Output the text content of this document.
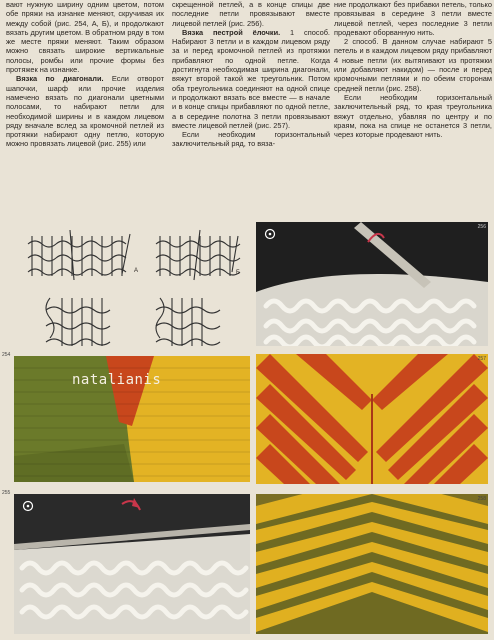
вают нужную ширину одним цветом, потом обе пряжи на изнанке меняют, скручивая их между собой (рис. 254, А, Б), и продолжают вязать другим цветом. В обратном ряду в том же месте пряжи меняют. Таким образом можно связать широкие вертикальные полосы, ромбы или прочие формы без протяжек на изнанке.

Вязка по диагонали. Если отворот шапочки, шарф или прочие изделия намечено вязать по диагонали цветными полосами, то набирают петли для необходимой ширины и в каждом лицевом ряду вначале вслед за кромочной петлей из протяжки набирают одну петлю, которую можно провязать лицевой (рис. 255) или

скрещенной петлей, а в конце спицы две последние петли провязывают вместе лицевой петлей (рис. 256).

Вязка пестрой ёлочки. 1 способ. Набирают 3 петли и в каждом лицевом ряду за и перед кромочной петлей из протяжки прибавляют по одной петле. Когда достигнута необходимая ширина диагонали, вяжут второй такой же треугольник. Потом оба треугольника соединяют на одной спице и продолжают вязать все вместе — в начале и в конце спицы прибавляют по одной петле, а в середине полотна 3 петли провязывают вместе лицевой петлей (рис. 257).

Если необходим горизонтальный заключительный ряд, то вяза-

ние продолжают без прибавки петель, только провязывая в середине 3 петли вместе лицевой петлей, через последние 3 петли продевают оборванную нить.

2 способ. В данном случае набирают 5 петель и в каждом лицевом ряду прибавляют 4 новые петли (их вытягивают из протяжки или добавляют накидом) — после и перед кромочными петлями и по обеим сторонам средней петли (рис. 258).

Если необходим горизонтальный заключительный ряд, то края треугольника вяжут отдельно, убавляя по центру и по краям, пока на спице не останется 3 петли, через которые продевают нить.

А	Б
256
natalianis
254
257
255
258
